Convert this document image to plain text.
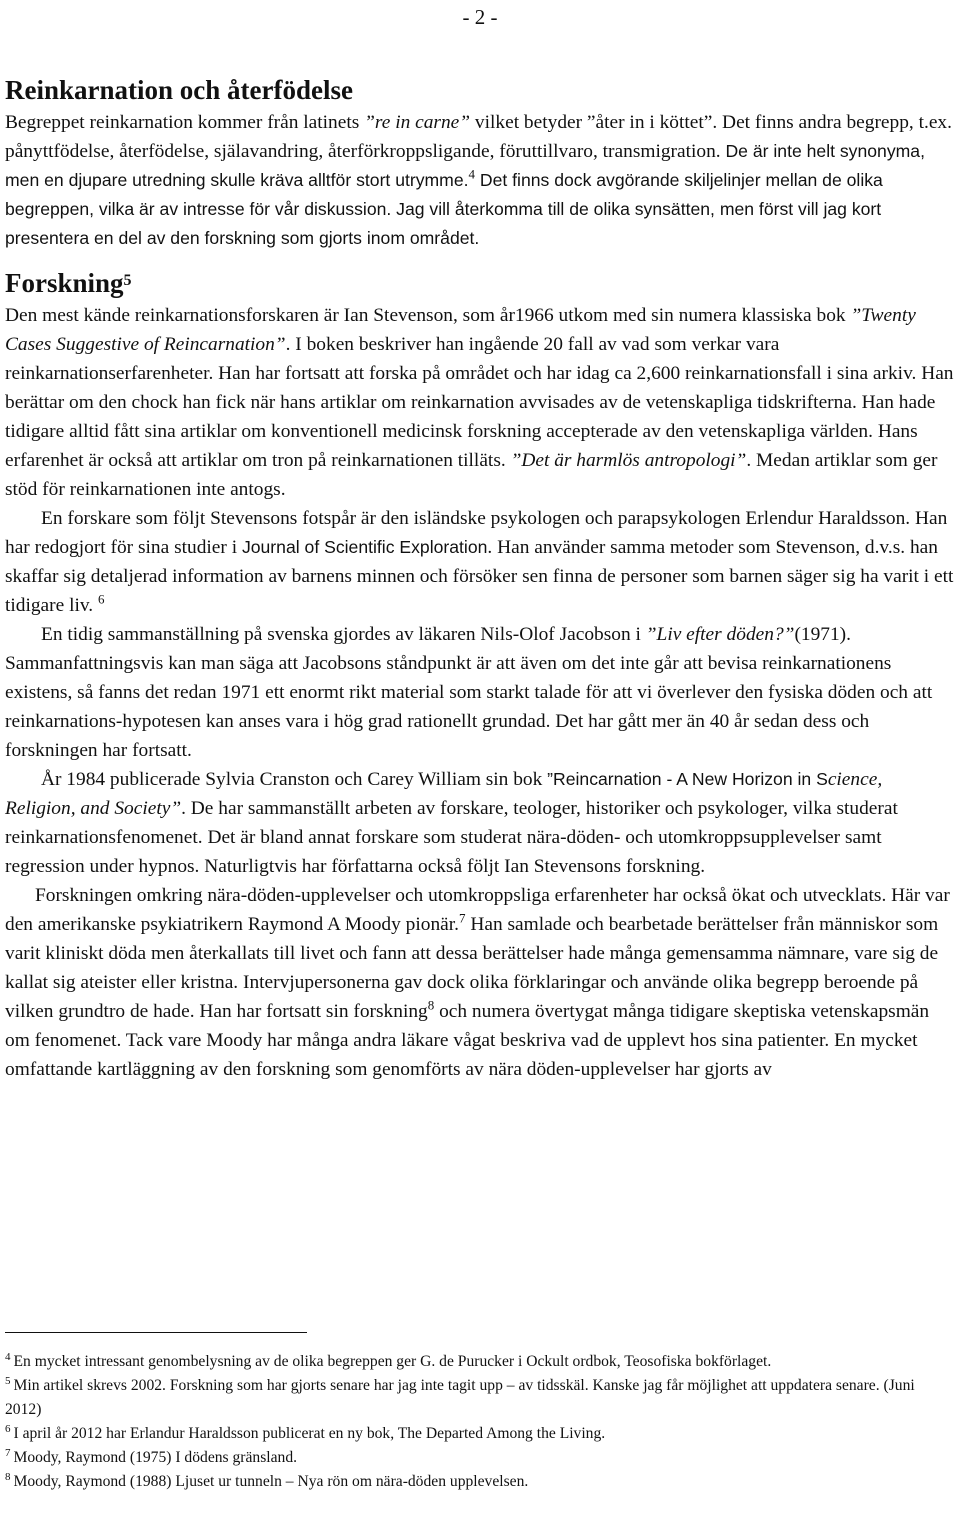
- 2 -
Reinkarnation och återfödelse

Begreppet reinkarnation kommer från latinets ”re in carne” vilket betyder ”åter in i köttet”. Det finns andra begrepp, t.ex. pånyttfödelse, återfödelse, själavandring, återförkroppsligande, föruttillvaro, transmigration. De är inte helt synonyma, men en djupare utredning skulle kräva alltför stort utrymme.$^4$ Det finns dock avgörande skiljelinjer mellan de olika begreppen, vilka är av intresse för vår diskussion. Jag vill återkomma till de olika synsätten, men först vill jag kort presentera en del av den forskning som gjorts inom området.

Forskning$^5$

Den mest kände reinkarnationsforskaren är Ian Stevenson, som år1966 utkom med sin numera klassiska bok ”Twenty Cases Suggestive of Reincarnation”. I boken beskriver han ingående 20 fall av vad som verkar vara reinkarnationserfarenheter. Han har fortsatt att forska på området och har idag ca 2,600 reinkarnationsfall i sina arkiv. Han berättar om den chock han fick när hans artiklar om reinkarnation avvisades av de vetenskapliga tidskrifterna. Han hade tidigare alltid fått sina artiklar om konventionell medicinsk forskning accepterade av den vetenskapliga världen. Hans erfarenhet är också att artiklar om tron på reinkarnationen tilläts. ”Det är harmlös antropologi”. Medan artiklar som ger stöd för reinkarnationen inte antogs.

En forskare som följt Stevensons fotspår är den isländske psykologen och parapsykologen Erlendur Haraldsson. Han har redogjort för sina studier i Journal of Scientific Exploration. Han använder samma metoder som Stevenson, d.v.s. han skaffar sig detaljerad information av barnens minnen och försöker sen finna de personer som barnen säger sig ha varit i ett tidigare liv. $^6$

En tidig sammanställning på svenska gjordes av läkaren Nils-Olof Jacobson i ”Liv efter döden?”(1971). Sammanfattningsvis kan man säga att Jacobsons ståndpunkt är att även om det inte går att bevisa reinkarnationens existens, så fanns det redan 1971 ett enormt rikt material som starkt talade för att vi överlever den fysiska döden och att reinkarnations-hypotesen kan anses vara i hög grad rationellt grundad. Det har gått mer än 40 år sedan dess och forskningen har fortsatt.

År 1984 publicerade Sylvia Cranston och Carey William sin bok ”Reincarnation - A New Horizon in Science, Religion, and Society”. De har sammanställt arbeten av forskare, teologer, historiker och psykologer, vilka studerat reinkarnationsfenomenet. Det är bland annat forskare som studerat nära-döden- och utomkroppsupplevelser samt regression under hypnos. Naturligtvis har författarna också följt Ian Stevensons forskning.

Forskningen omkring nära-döden-upplevelser och utomkroppsliga erfarenheter har också ökat och utvecklats. Här var den amerikanske psykiatrikern Raymond A Moody pionär.$^7$ Han samlade och bearbetade berättelser från människor som varit kliniskt döda men återkallats till livet och fann att dessa berättelser hade många gemensamma nämnare, vare sig de kallat sig ateister eller kristna. Intervjupersonerna gav dock olika förklaringar och använde olika begrepp beroende på vilken grundtro de hade. Han har fortsatt sin forskning$^8$ och numera övertygat många tidigare skeptiska vetenskapsmän om fenomenet. Tack vare Moody har många andra läkare vågat beskriva vad de upplevt hos sina patienter. En mycket omfattande kartläggning av den forskning som genomförts av nära döden-upplevelser har gjorts av

$^4$ En mycket intressant genombelysning av de olika begreppen ger G. de Purucker i Ockult ordbok, Teosofiska bokförlaget.

$^5$ Min artikel skrevs 2002. Forskning som har gjorts senare har jag inte tagit upp – av tidsskäl. Kanske jag får möjlighet att uppdatera senare. (Juni 2012)

$^6$ I april år 2012 har Erlandur Haraldsson publicerat en ny bok, The Departed Among the Living.

$^7$ Moody, Raymond (1975) I dödens gränsland.

$^8$ Moody, Raymond (1988) Ljuset ur tunneln – Nya rön om nära-döden upplevelsen.
